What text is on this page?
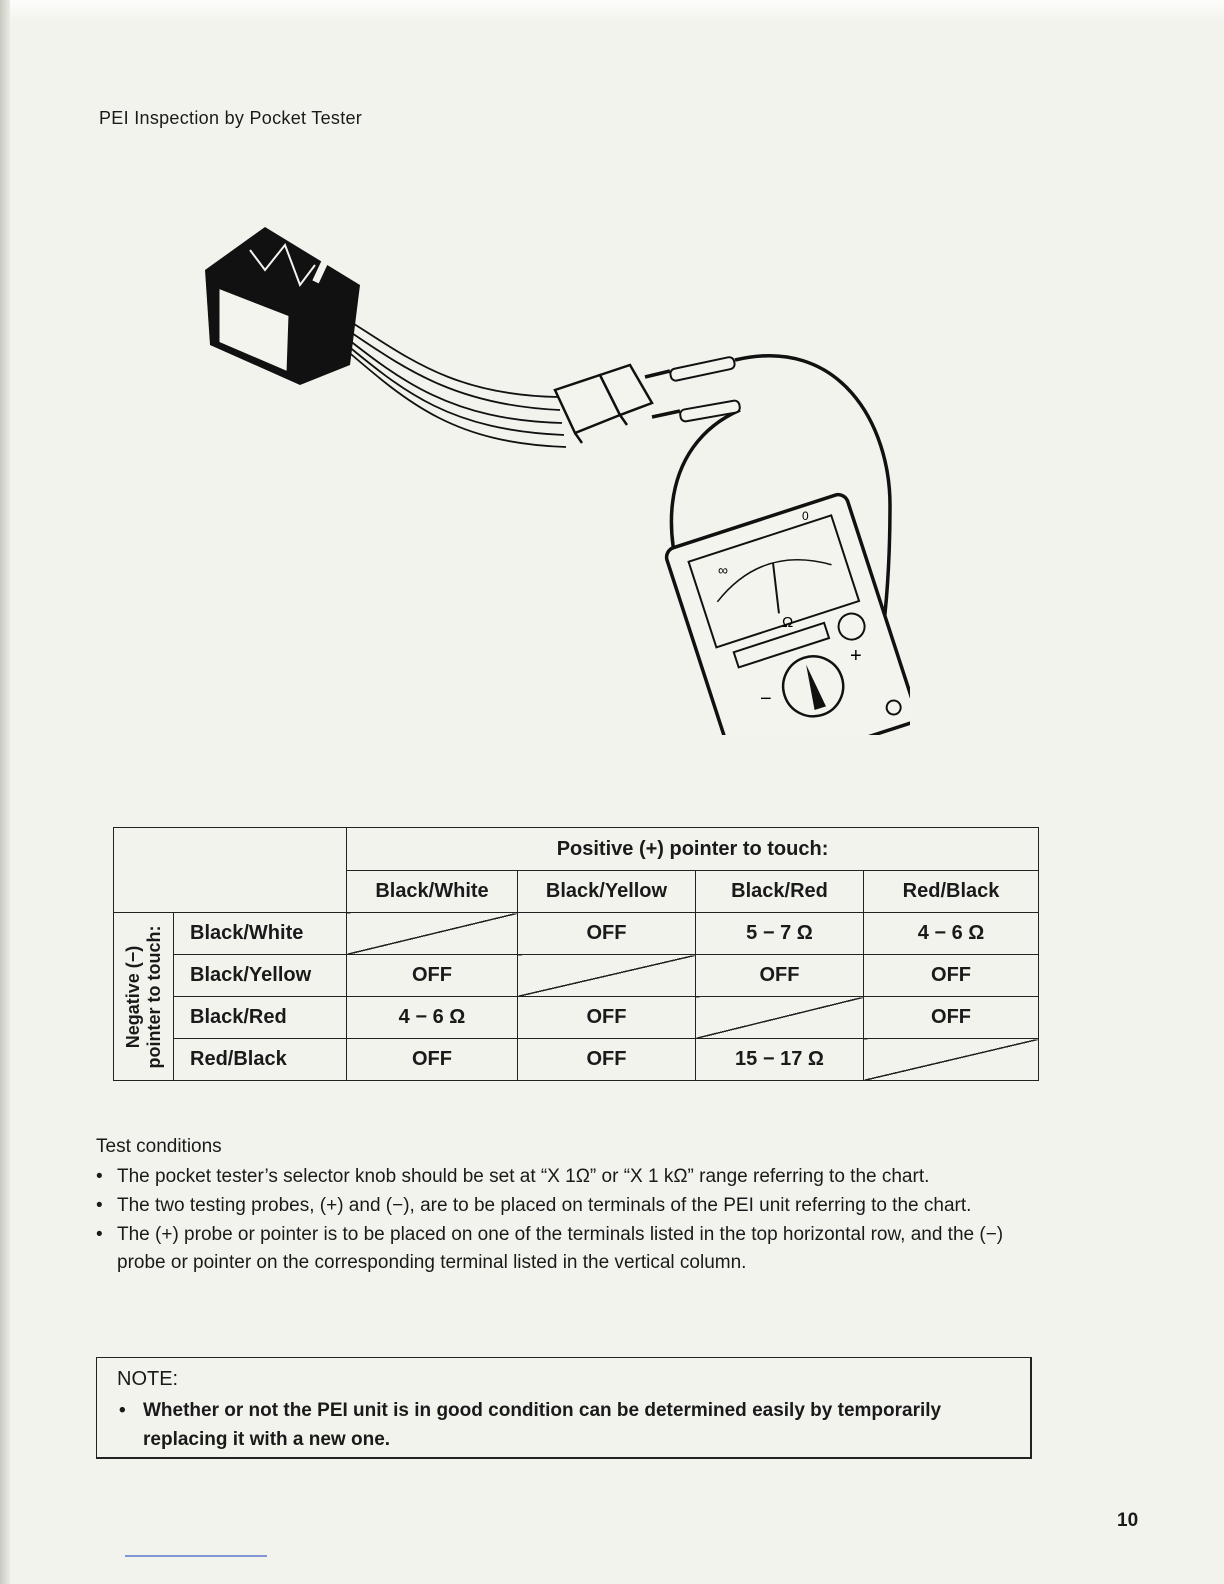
PEI Inspection by Pocket Tester
∞
0
Ω
+
−
		Positive (+) pointer to touch:			
		Black/White	Black/Yellow	Black/Red	Red/Black

Negative (−) pointer to touch:	Black/White		OFF	5 − 7 Ω	4 − 6 Ω
	Black/Yellow	OFF		OFF	OFF
	Black/Red	4 − 6 Ω	OFF		OFF
	Red/Black	OFF	OFF	15 − 17 Ω	
Test conditions
• The pocket tester’s selector knob should be set at “X 1Ω” or “X 1 kΩ” range referring to the chart.
• The two testing probes, (+) and (−), are to be placed on terminals of the PEI unit referring to the chart.
• The (+) probe or pointer is to be placed on one of the terminals listed in the top horizontal row, and the (−) probe or pointer on the corresponding terminal listed in the vertical column.
NOTE:
• Whether or not the PEI unit is in good condition can be determined easily by temporarily replacing it with a new one.
10
